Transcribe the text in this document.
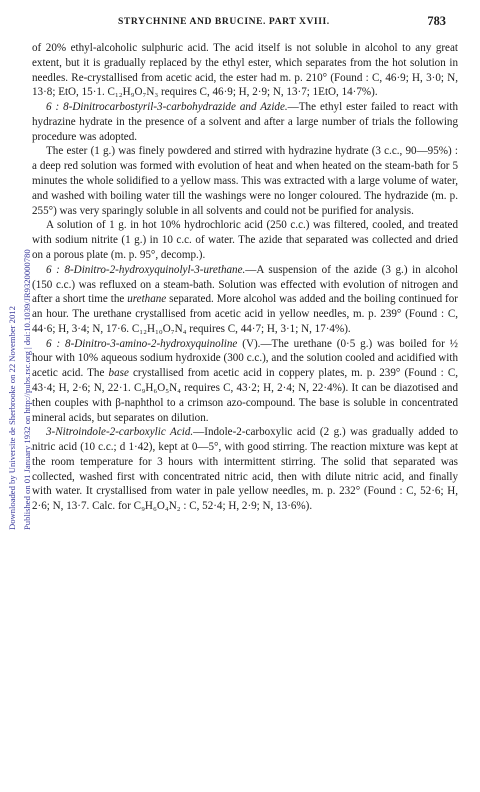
STRYCHNINE AND BRUCINE. PART XVIII.	783
Downloaded by Universite de Sherbrooke on 22 November 2012 Published on 01 January 1932 on http://pubs.rsc.org | doi:10.1039/JR9320000780

of 20% ethyl-alcoholic sulphuric acid. The acid itself is not soluble in alcohol to any great extent, but it is gradually replaced by the ethyl ester, which separates from the hot solution in needles. Re-crystallised from acetic acid, the ester had m. p. 210° (Found : C, 46·9; H, 3·0; N, 13·8; EtO, 15·1. C₁₂H₉O₇N₃ requires C, 46·9; H, 2·9; N, 13·7; 1EtO, 14·7%).

6 : 8-Dinitrocarbostyril-3-carbohydrazide and Azide.—The ethyl ester failed to react with hydrazine hydrate in the presence of a solvent and after a large number of trials the following procedure was adopted.

The ester (1 g.) was finely powdered and stirred with hydrazine hydrate (3 c.c., 90—95%) : a deep red solution was formed with evolution of heat and when heated on the steam-bath for 5 minutes the whole solidified to a yellow mass. This was extracted with a large volume of water, and washed with boiling water till the washings were no longer coloured. The hydrazide (m. p. 255°) was very sparingly soluble in all solvents and could not be purified for analysis.

A solution of 1 g. in hot 10% hydrochloric acid (250 c.c.) was filtered, cooled, and treated with sodium nitrite (1 g.) in 10 c.c. of water. The azide that separated was collected and dried on a porous plate (m. p. 95°, decomp.).

6 : 8-Dinitro-2-hydroxyquinolyl-3-urethane.—A suspension of the azide (3 g.) in alcohol (150 c.c.) was refluxed on a steam-bath. Solution was effected with evolution of nitrogen and after a short time the urethane separated. More alcohol was added and the boiling continued for an hour. The urethane crystallised from acetic acid in yellow needles, m. p. 239° (Found : C, 44·6; H, 3·4; N, 17·6. C₁₂H₁₀O₇N₄ requires C, 44·7; H, 3·1; N, 17·4%).

6 : 8-Dinitro-3-amino-2-hydroxyquinoline (V).—The urethane (0·5 g.) was boiled for ½ hour with 10% aqueous sodium hydroxide (300 c.c.), and the solution cooled and acidified with acetic acid. The base crystallised from acetic acid in coppery plates, m. p. 239° (Found : C, 43·4; H, 2·6; N, 22·1. C₉H₆O₅N₄ requires C, 43·2; H, 2·4; N, 22·4%). It can be diazotised and then couples with β-naphthol to a crimson azo-compound. The base is soluble in concentrated mineral acids, but separates on dilution.

3-Nitroindole-2-carboxylic Acid.—Indole-2-carboxylic acid (2 g.) was gradually added to nitric acid (10 c.c.; d 1·42), kept at 0—5°, with good stirring. The reaction mixture was kept at the room temperature for 3 hours with intermittent stirring. The solid that separated was collected, washed first with concentrated nitric acid, then with dilute nitric acid, and finally with water. It crystallised from water in pale yellow needles, m. p. 232° (Found : C, 52·6; H, 2·6; N, 13·7. Calc. for C₉H₆O₄N₂ : C, 52·4; H, 2·9; N, 13·6%).
